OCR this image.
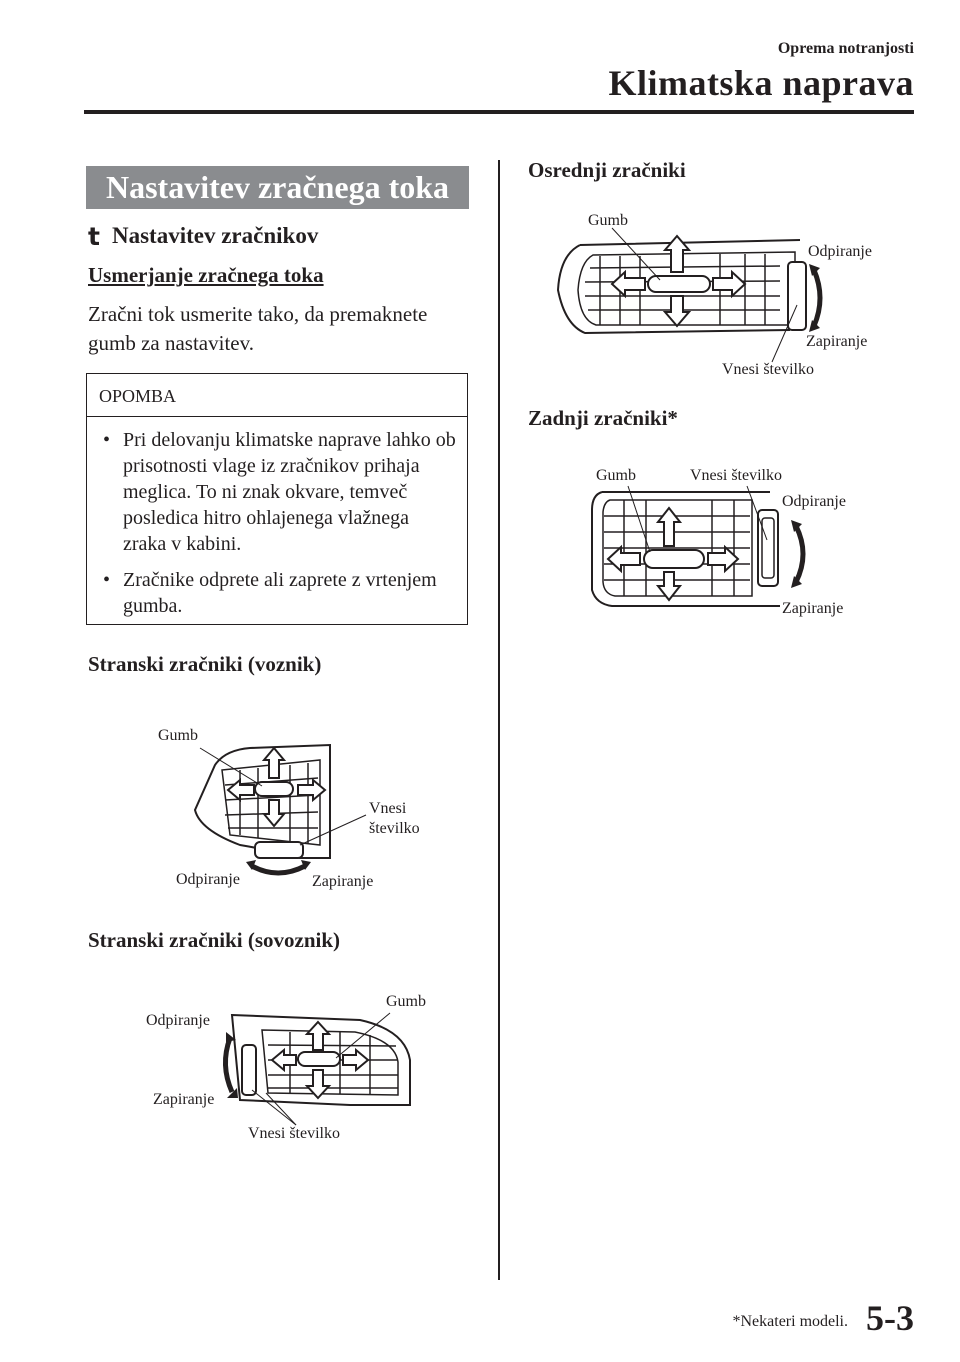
Oprema notranjosti
Klimatska naprava
Nastavitev zračnega toka
t Nastavitev zračnikov
Usmerjanje zračnega toka
Zračni tok usmerite tako, da premaknete gumb za nastavitev.
OPOMBA
• Pri delovanju klimatske naprave lahko ob prisotnosti vlage iz zračnikov prihaja meglica. To ni znak okvare, temveč posledica hitro ohlajenega vlažnega zraka v kabini.
• Zračnike odprete ali zaprete z vrtenjem gumba.
Stranski zračniki (voznik)
Gumb
Vnesi
številko
Odpiranje	Zapiranje
Stranski zračniki (sovoznik)
Odpiranje
Gumb
Zapiranje
Vnesi številko
Osrednji zračniki
Gumb
Odpiranje
Zapiranje
Vnesi številko
Zadnji zračniki*
Gumb	Vnesi številko
Odpiranje
Zapiranje
*Nekateri modeli. 5-3
